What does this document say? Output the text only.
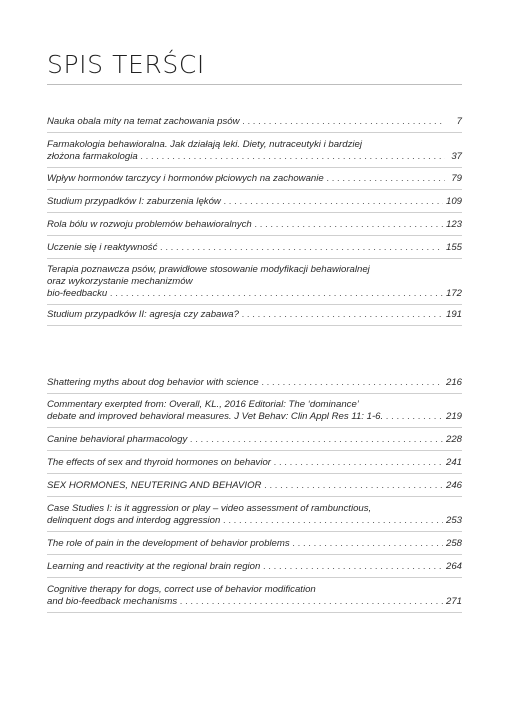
SPIS TERŚCI
Nauka obala mity na temat zachowania psów . . .	7
Farmakologia behawioralna. Jak działają leki. Diety, nutraceutyki i bardziej
złożona farmakologia . . .	37
Wpływ hormonów tarczycy i hormonów płciowych na zachowanie . . .	79
Studium przypadków I: zaburzenia lęków . . .	109
Rola bólu w rozwoju problemów behawioralnych . . .	123
Uczenie się i reaktywność . . .	155
Terapia poznawcza psów, prawidłowe stosowanie modyfikacji behawioralnej
oraz wykorzystanie mechanizmów
bio-feedbacku . . .	172
Studium przypadków II: agresja czy zabawa? . . .	191
Shattering myths about dog behavior with science . . .	216
Commentary exerpted from: Overall, KL., 2016 Editorial: The ‘dominance’
debate and improved behavioral measures. J Vet Behav: Clin Appl Res 11: 1-6. . . .	219
Canine behavioral pharmacology . . .	228
The effects of sex and thyroid hormones on behavior . . .	241
SEX HORMONES, NEUTERING AND BEHAVIOR . . .	246
Case Studies I: is it aggression or play – video assessment of rambunctious,
delinquent dogs and interdog aggression . . .	253
The role of pain in the development of behavior problems . . .	258
Learning and reactivity at the regional brain region . . .	264
Cognitive therapy for dogs, correct use of behavior modification
and bio-feedback mechanisms . . .	271
